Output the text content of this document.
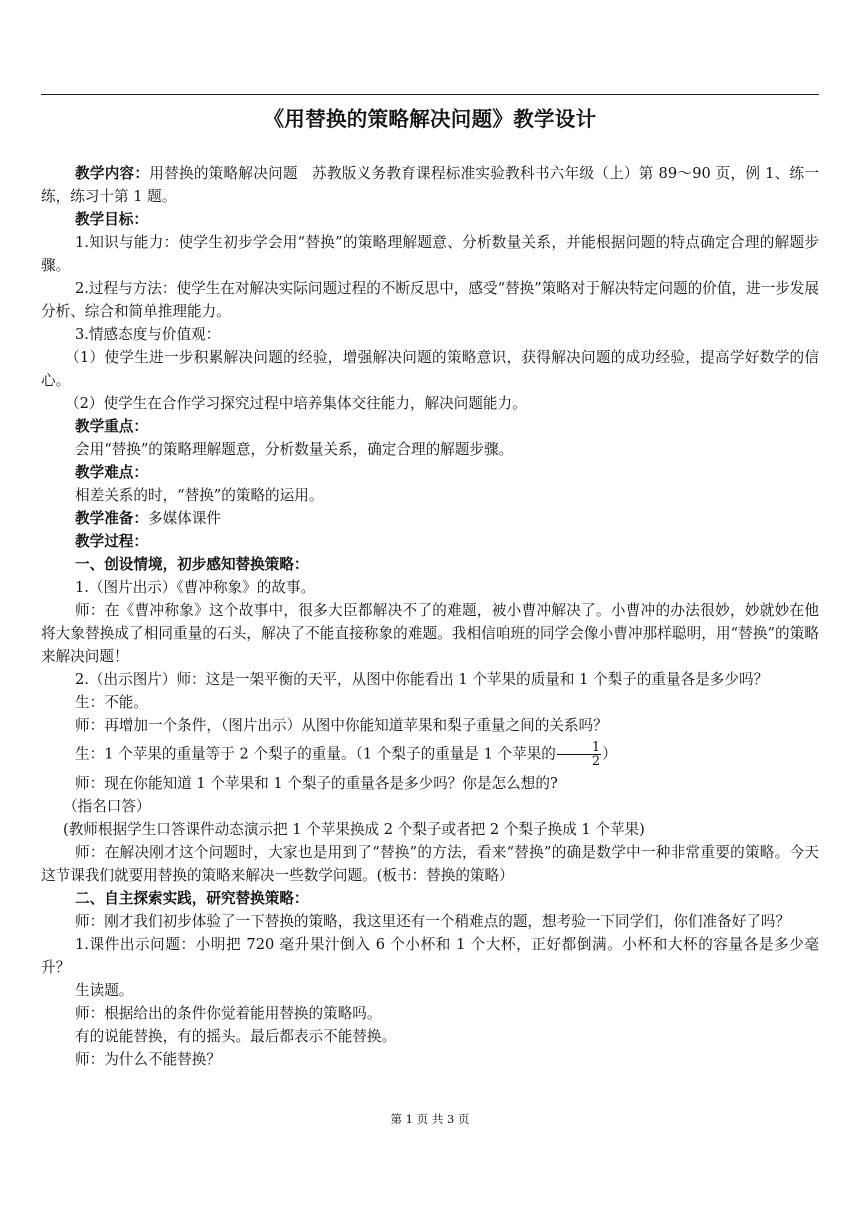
《用替换的策略解决问题》教学设计

教学内容：用替换的策略解决问题 苏教版义务教育课程标准实验教科书六年级（上）第 89～90 页，例 1、练一练，练习十第 1 题。

教学目标：

1.知识与能力：使学生初步学会用“替换”的策略理解题意、分析数量关系，并能根据问题的特点确定合理的解题步骤。

2.过程与方法：使学生在对解决实际问题过程的不断反思中，感受“替换”策略对于解决特定问题的价值，进一步发展分析、综合和简单推理能力。

3.情感态度与价值观：

（1）使学生进一步积累解决问题的经验，增强解决问题的策略意识，获得解决问题的成功经验，提高学好数学的信心。

（2）使学生在合作学习探究过程中培养集体交往能力，解决问题能力。

教学重点：

会用“替换”的策略理解题意，分析数量关系，确定合理的解题步骤。

教学难点：

相差关系的时，“替换”的策略的运用。

教学准备：多媒体课件

教学过程：

一、创设情境，初步感知替换策略：

1.（图片出示）《曹冲称象》的故事。

师：在《曹冲称象》这个故事中，很多大臣都解决不了的难题，被小曹冲解决了。小曹冲的办法很妙，妙就妙在他将大象替换成了相同重量的石头，解决了不能直接称象的难题。我相信咱班的同学会像小曹冲那样聪明，用“替换”的策略来解决问题！

2.（出示图片）师：这是一架平衡的天平，从图中你能看出 1 个苹果的质量和 1 个梨子的重量各是多少吗？

生：不能。

师：再增加一个条件，（图片出示）从图中你能知道苹果和梨子重量之间的关系吗？

生：1 个苹果的重量等于 2 个梨子的重量。（1 个梨子的重量是 1 个苹果的 $\frac{1}{2}$ ）

师：现在你能知道 1 个苹果和 1 个梨子的重量各是多少吗？你是怎么想的?

（指名口答）

(教师根据学生口答课件动态演示把 1 个苹果换成 2 个梨子或者把 2 个梨子换成 1 个苹果)

师：在解决刚才这个问题时，大家也是用到了“替换”的方法，看来“替换”的确是数学中一种非常重要的策略。今天这节课我们就要用替换的策略来解决一些数学问题。(板书：替换的策略）

二、自主探索实践，研究替换策略：

师：刚才我们初步体验了一下替换的策略，我这里还有一个稍难点的题，想考验一下同学们，你们准备好了吗？

1.课件出示问题：小明把 720 毫升果汁倒入 6 个小杯和 1 个大杯，正好都倒满。小杯和大杯的容量各是多少毫升？

生读题。

师：根据给出的条件你觉着能用替换的策略吗。

有的说能替换，有的摇头。最后都表示不能替换。

师：为什么不能替换？

第 1 页 共 3 页
